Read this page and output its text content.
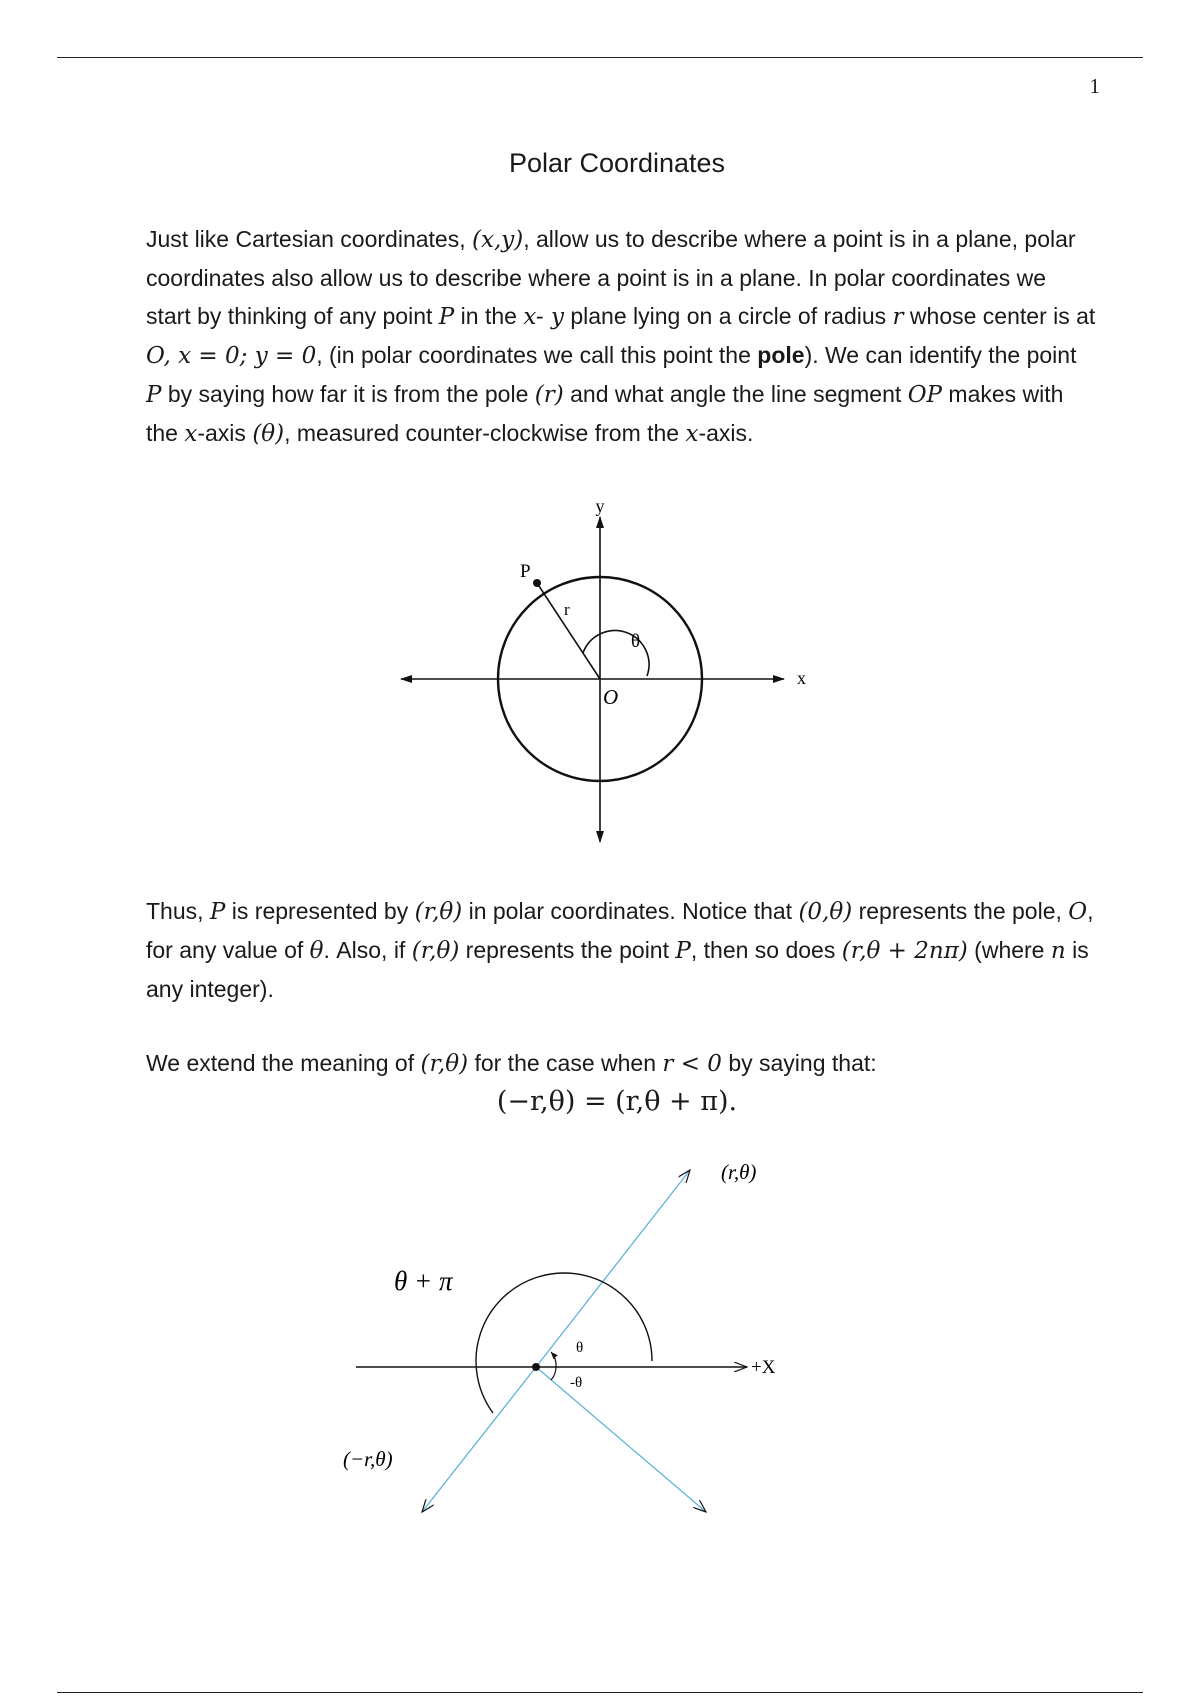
1
Polar Coordinates

Just like Cartesian coordinates, (x,y), allow us to describe where a point is in a plane, polar coordinates also allow us to describe where a point is in a plane. In polar coordinates we start by thinking of any point P in the x- y plane lying on a circle of radius r whose center is at O, x = 0; y = 0, (in polar coordinates we call this point the pole). We can identify the point P by saying how far it is from the pole (r) and what angle the line segment OP makes with the x-axis (θ), measured counter-clockwise from the x-axis.

y
x
P
r
θ
O

Thus, P is represented by (r,θ) in polar coordinates. Notice that (0,θ) represents the pole, O, for any value of θ. Also, if (r,θ) represents the point P, then so does (r,θ + 2nπ) (where n is any integer).

We extend the meaning of (r,θ) for the case when r < 0 by saying that:

(−r,θ) = (r,θ + π).
(r,θ)
θ + π
θ
-θ
+X
(−r,θ)
